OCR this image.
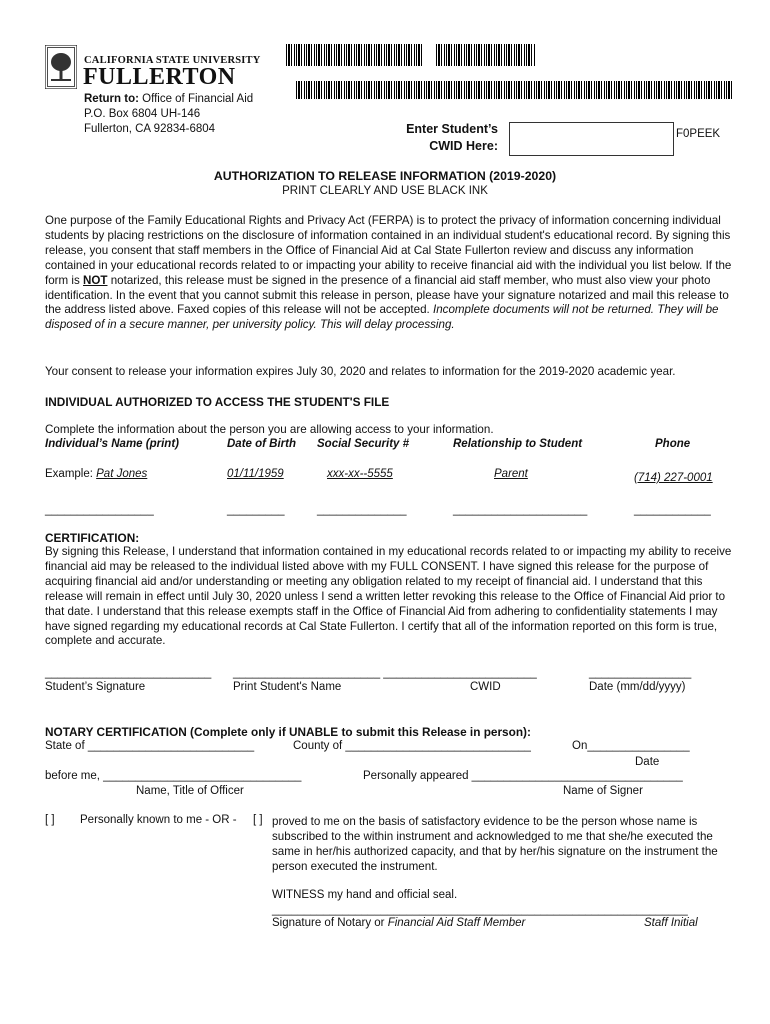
CALIFORNIA STATE UNIVERSITY
FULLERTON
Return to: Office of Financial Aid
P.O. Box 6804 UH-146
Fullerton, CA 92834-6804	Enter Student’s
CWID Here:
F0PEEK
AUTHORIZATION TO RELEASE INFORMATION (2019-2020)
PRINT CLEARLY AND USE BLACK INK

One purpose of the Family Educational Rights and Privacy Act (FERPA) is to protect the privacy of information concerning individual students by placing restrictions on the disclosure of information contained in an individual student's educational record. By signing this release, you consent that staff members in the Office of Financial Aid at Cal State Fullerton review and discuss any information contained in your educational records related to or impacting your ability to receive financial aid with the individual you list below. If the form is NOT notarized, this release must be signed in the presence of a financial aid staff member, who must also view your photo identification. In the event that you cannot submit this release in person, please have your signature notarized and mail this release to the address listed above. Faxed copies of this release will not be accepted. Incomplete documents will not be returned. They will be disposed of in a secure manner, per university policy. This will delay processing.

Your consent to release your information expires July 30, 2020 and relates to information for the 2019-2020 academic year.
INDIVIDUAL AUTHORIZED TO ACCESS THE STUDENT'S FILE
Complete the information about the person you are allowing access to your information.
Individual’s Name (print)	Date of Birth Social Security #	Relationship to Student	Phone
Example: Pat Jones	01/11/1959	xxx-xx--5555	Parent	(714) 227-0001
_________________	_________	______________	_____________________	____________
CERTIFICATION:

By signing this Release, I understand that information contained in my educational records related to or impacting my ability to receive financial aid may be released to the individual listed above with my FULL CONSENT. I have signed this release for the purpose of acquiring financial aid and/or understanding or meeting any obligation related to my receipt of financial aid. I understand that this release will remain in effect until July 30, 2020 unless I send a written letter revoking this release to the Office of Financial Aid prior to that date. I understand that this release exempts staff in the Office of Financial Aid from adhering to confidentiality statements I may have signed regarding my educational records at Cal State Fullerton. I certify that all of the information reported on this form is true, complete and accurate.

__________________________ _______________________ ________________________	________________
Student’s Signature	Print Student's Name	CWID	Date (mm/dd/yyyy)
NOTARY CERTIFICATION (Complete only if UNABLE to submit this Release in person):
State of __________________________	County of _____________________________	On________________
Date
before me, _______________________________	Personally appeared _________________________________
Name, Title of Officer	Name of Signer
[ ] Personally known to me - OR - [ ] proved to me on the basis of satisfactory evidence to be the person whose name is subscribed to the within instrument and acknowledged to me that she/he executed the same in her/his authorized capacity, and that by her/his signature on the instrument the person executed the instrument.

WITNESS my hand and official seal.
_________________________________________________________________
Signature of Notary or Financial Aid Staff Member	Staff Initial
